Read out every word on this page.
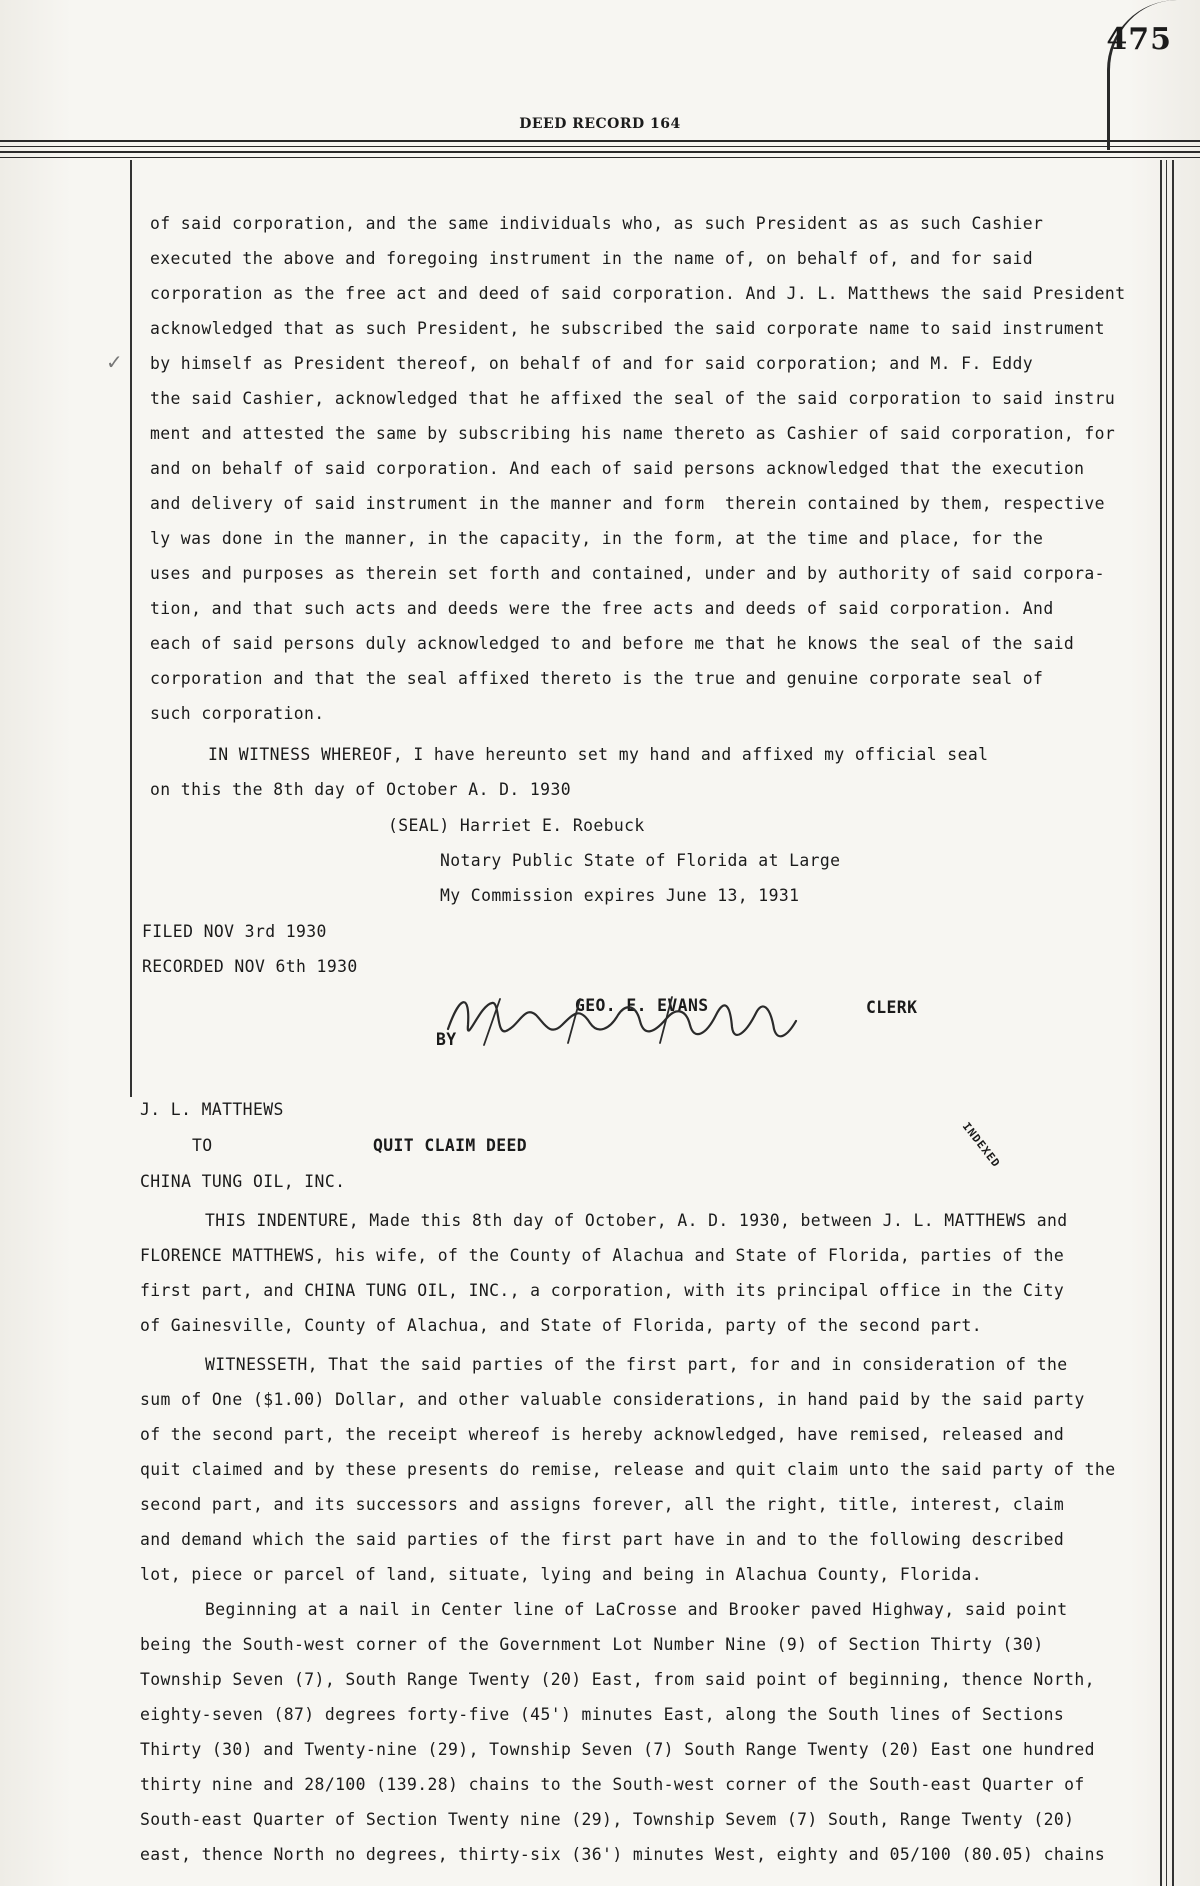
475
DEED RECORD 164
✓
of said corporation, and the same individuals who, as such President as as such Cashier
executed the above and foregoing instrument in the name of, on behalf of, and for said
corporation as the free act and deed of said corporation. And J. L. Matthews the said President
acknowledged that as such President, he subscribed the said corporate name to said instrument
by himself as President thereof, on behalf of and for said corporation; and M. F. Eddy
the said Cashier, acknowledged that he affixed the seal of the said corporation to said instru
ment and attested the same by subscribing his name thereto as Cashier of said corporation, for
and on behalf of said corporation. And each of said persons acknowledged that the execution
and delivery of said instrument in the manner and form  therein contained by them, respective
ly was done in the manner, in the capacity, in the form, at the time and place, for the
uses and purposes as therein set forth and contained, under and by authority of said corpora-
tion, and that such acts and deeds were the free acts and deeds of said corporation. And
each of said persons duly acknowledged to and before me that he knows the seal of the said
corporation and that the seal affixed thereto is the true and genuine corporate seal of
such corporation.
IN WITNESS WHEREOF, I have hereunto set my hand and affixed my official seal
on this the 8th day of October A. D. 1930
(SEAL) Harriet E. Roebuck
Notary Public State of Florida at Large
My Commission expires June 13, 1931
FILED NOV 3rd 1930
RECORDED NOV 6th 1930
GEO. E. EVANS	CLERK
BY
J. L. MATTHEWS
TO	QUIT CLAIM DEED
CHINA TUNG OIL, INC.
INDEXED
THIS INDENTURE, Made this 8th day of October, A. D. 1930, between J. L. MATTHEWS and
FLORENCE MATTHEWS, his wife, of the County of Alachua and State of Florida, parties of the
first part, and CHINA TUNG OIL, INC., a corporation, with its principal office in the City
of Gainesville, County of Alachua, and State of Florida, party of the second part.
WITNESSETH, That the said parties of the first part, for and in consideration of the
sum of One ($1.00) Dollar, and other valuable considerations, in hand paid by the said party
of the second part, the receipt whereof is hereby acknowledged, have remised, released and
quit claimed and by these presents do remise, release and quit claim unto the said party of the
second part, and its successors and assigns forever, all the right, title, interest, claim
and demand which the said parties of the first part have in and to the following described
lot, piece or parcel of land, situate, lying and being in Alachua County, Florida.
Beginning at a nail in Center line of LaCrosse and Brooker paved Highway, said point
being the South-west corner of the Government Lot Number Nine (9) of Section Thirty (30)
Township Seven (7), South Range Twenty (20) East, from said point of beginning, thence North,
eighty-seven (87) degrees forty-five (45') minutes East, along the South lines of Sections
Thirty (30) and Twenty-nine (29), Township Seven (7) South Range Twenty (20) East one hundred
thirty nine and 28/100 (139.28) chains to the South-west corner of the South-east Quarter of
South-east Quarter of Section Twenty nine (29), Township Sevem (7) South, Range Twenty (20)
east, thence North no degrees, thirty-six (36') minutes West, eighty and 05/100 (80.05) chains
